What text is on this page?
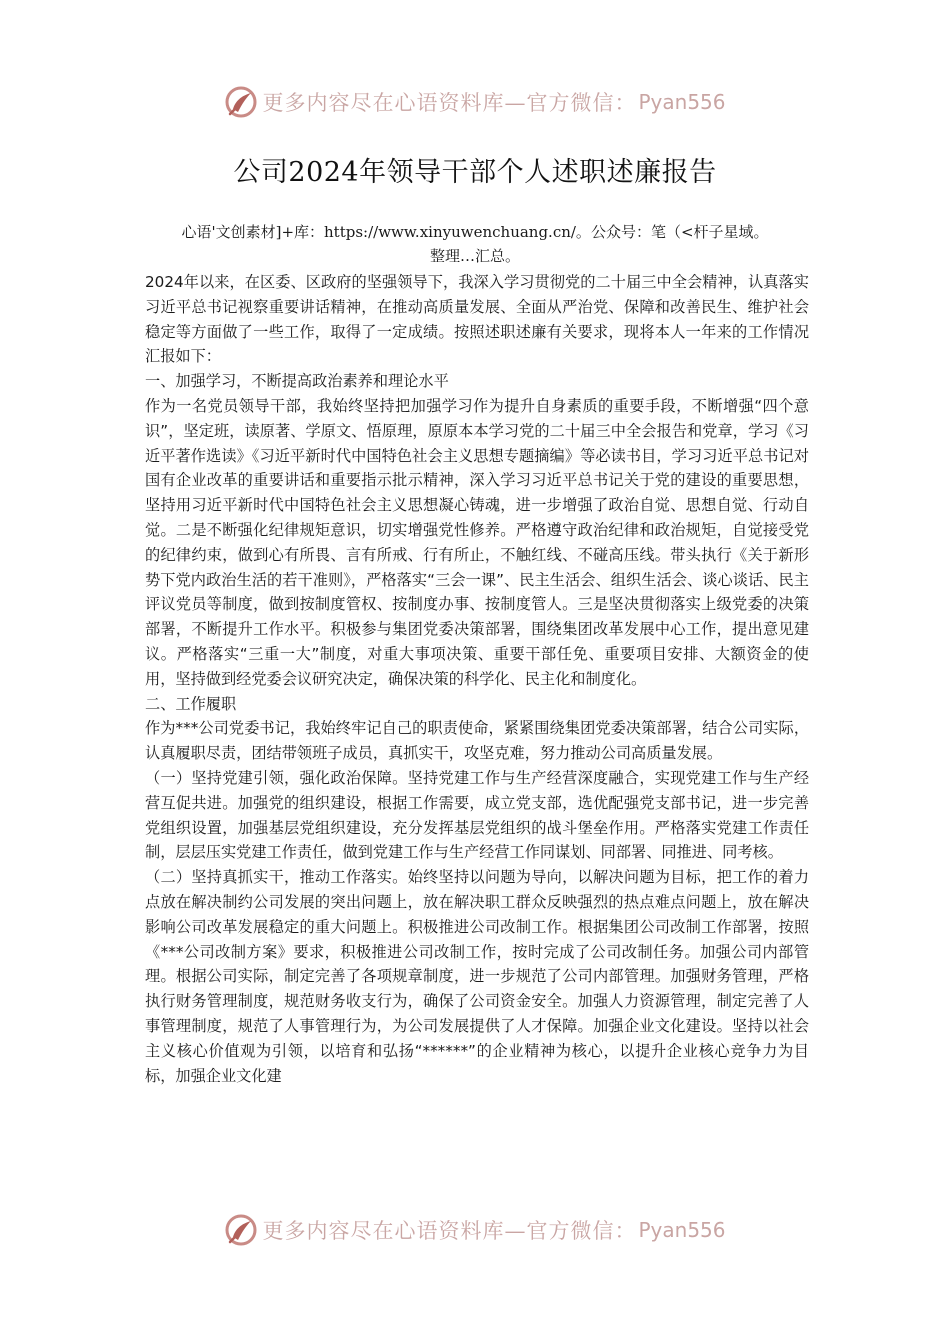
更多内容尽在心语资料库—官方微信： Pyan556
公司2024年领导干部个人述职述廉报告
心语'文创素材]+库：https://www.xinyuwenchuang.cn/。公众号：笔（<杆子星域。
整理…汇总。

2024年以来，在区委、区政府的坚强领导下，我深入学习贯彻党的二十届三中全会精神，认真落实习近平总书记视察重要讲话精神，在推动高质量发展、全面从严治党、保障和改善民生、维护社会稳定等方面做了一些工作，取得了一定成绩。按照述职述廉有关要求，现将本人一年来的工作情况汇报如下：

一、加强学习，不断提高政治素养和理论水平

作为一名党员领导干部，我始终坚持把加强学习作为提升自身素质的重要手段，不断增强“四个意识”，坚定班，读原著、学原文、悟原理，原原本本学习党的二十届三中全会报告和党章，学习《习近平著作选读》《习近平新时代中国特色社会主义思想专题摘编》等必读书目，学习习近平总书记对国有企业改革的重要讲话和重要指示批示精神，深入学习习近平总书记关于党的建设的重要思想，坚持用习近平新时代中国特色社会主义思想凝心铸魂，进一步增强了政治自觉、思想自觉、行动自觉。二是不断强化纪律规矩意识，切实增强党性修养。严格遵守政治纪律和政治规矩，自觉接受党的纪律约束，做到心有所畏、言有所戒、行有所止，不触红线、不碰高压线。带头执行《关于新形势下党内政治生活的若干准则》，严格落实“三会一课”、民主生活会、组织生活会、谈心谈话、民主评议党员等制度，做到按制度管权、按制度办事、按制度管人。三是坚决贯彻落实上级党委的决策部署，不断提升工作水平。积极参与集团党委决策部署，围绕集团改革发展中心工作，提出意见建议。严格落实“三重一大”制度，对重大事项决策、重要干部任免、重要项目安排、大额资金的使用，坚持做到经党委会议研究决定，确保决策的科学化、民主化和制度化。

二、工作履职

作为***公司党委书记，我始终牢记自己的职责使命，紧紧围绕集团党委决策部署，结合公司实际，认真履职尽责，团结带领班子成员，真抓实干，攻坚克难，努力推动公司高质量发展。

（一）坚持党建引领，强化政治保障。坚持党建工作与生产经营深度融合，实现党建工作与生产经营互促共进。加强党的组织建设，根据工作需要，成立党支部，选优配强党支部书记，进一步完善党组织设置，加强基层党组织建设，充分发挥基层党组织的战斗堡垒作用。严格落实党建工作责任制，层层压实党建工作责任，做到党建工作与生产经营工作同谋划、同部署、同推进、同考核。

（二）坚持真抓实干，推动工作落实。始终坚持以问题为导向，以解决问题为目标，把工作的着力点放在解决制约公司发展的突出问题上，放在解决职工群众反映强烈的热点难点问题上，放在解决影响公司改革发展稳定的重大问题上。积极推进公司改制工作。根据集团公司改制工作部署，按照《***公司改制方案》要求，积极推进公司改制工作，按时完成了公司改制任务。加强公司内部管理。根据公司实际，制定完善了各项规章制度，进一步规范了公司内部管理。加强财务管理，严格执行财务管理制度，规范财务收支行为，确保了公司资金安全。加强人力资源管理，制定完善了人事管理制度，规范了人事管理行为，为公司发展提供了人才保障。加强企业文化建设。坚持以社会主义核心价值观为引领，以培育和弘扬“******”的企业精神为核心，以提升企业核心竞争力为目标，加强企业文化建

更多内容尽在心语资料库—官方微信： Pyan556
